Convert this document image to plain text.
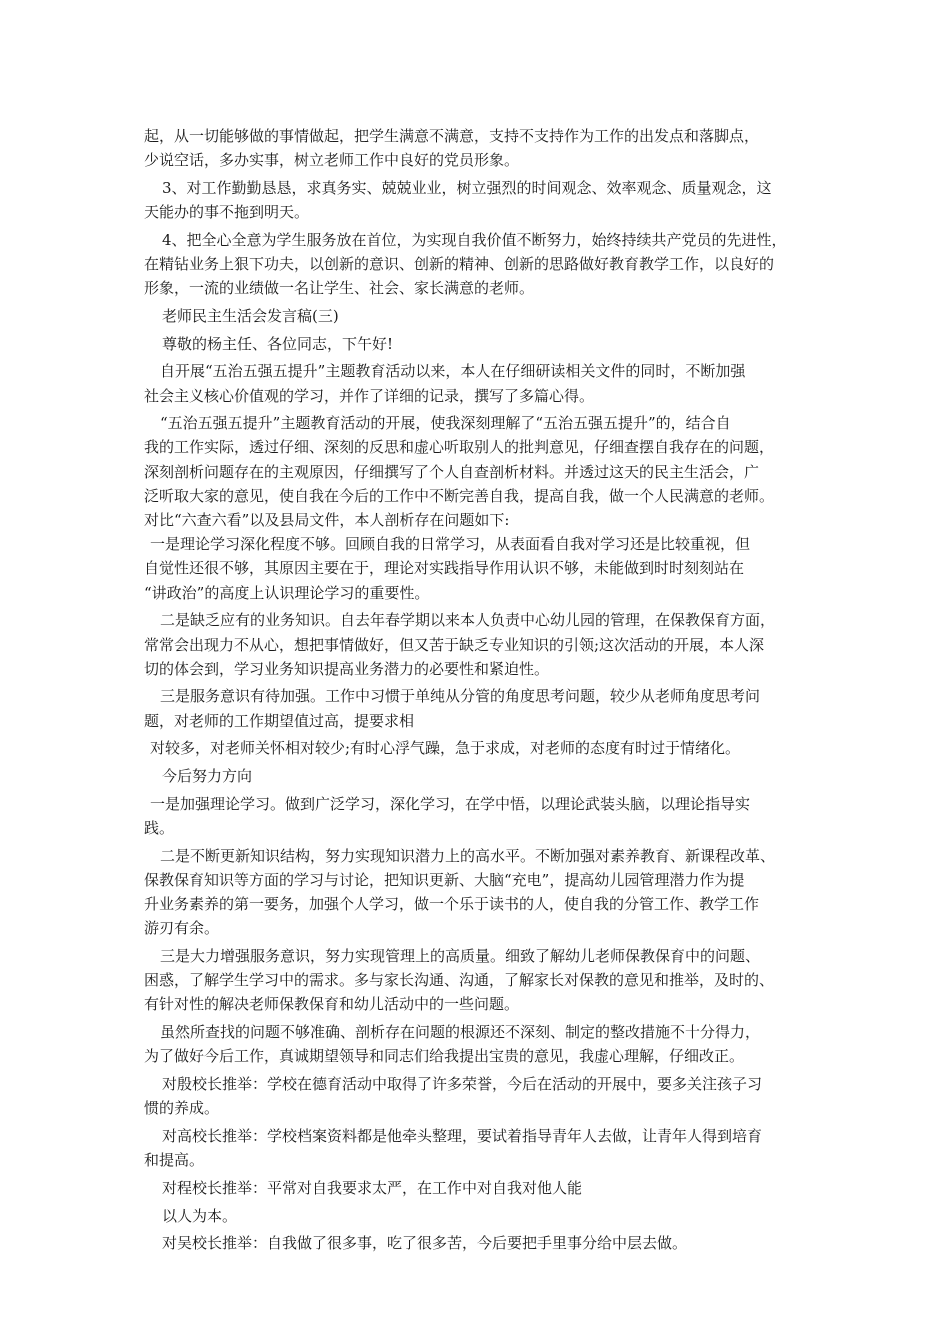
起，从一切能够做的事情做起，把学生满意不满意，支持不支持作为工作的出发点和落脚点，
少说空话，多办实事，树立老师工作中良好的党员形象。
3、对工作勤勤恳恳，求真务实、兢兢业业，树立强烈的时间观念、效率观念、质量观念，这
天能办的事不拖到明天。
4、把全心全意为学生服务放在首位，为实现自我价值不断努力，始终持续共产党员的先进性，
在精钻业务上狠下功夫，以创新的意识、创新的精神、创新的思路做好教育教学工作，以良好的
形象，一流的业绩做一名让学生、社会、家长满意的老师。
老师民主生活会发言稿(三)
尊敬的杨主任、各位同志，下午好!
自开展“五治五强五提升”主题教育活动以来，本人在仔细研读相关文件的同时，不断加强
社会主义核心价值观的学习，并作了详细的记录，撰写了多篇心得。
“五治五强五提升”主题教育活动的开展，使我深刻理解了“五治五强五提升”的，结合自
我的工作实际，透过仔细、深刻的反思和虚心听取别人的批判意见，仔细查摆自我存在的问题，
深刻剖析问题存在的主观原因，仔细撰写了个人自查剖析材料。并透过这天的民主生活会，广
泛听取大家的意见，使自我在今后的工作中不断完善自我，提高自我，做一个人民满意的老师。
对比“六查六看”以及县局文件，本人剖析存在问题如下:
一是理论学习深化程度不够。回顾自我的日常学习，从表面看自我对学习还是比较重视，但
自觉性还很不够，其原因主要在于，理论对实践指导作用认识不够，未能做到时时刻刻站在
“讲政治”的高度上认识理论学习的重要性。
二是缺乏应有的业务知识。自去年春学期以来本人负责中心幼儿园的管理，在保教保育方面，
常常会出现力不从心，想把事情做好，但又苦于缺乏专业知识的引领;这次活动的开展，本人深
切的体会到，学习业务知识提高业务潜力的必要性和紧迫性。
三是服务意识有待加强。工作中习惯于单纯从分管的角度思考问题，较少从老师角度思考问
题，对老师的工作期望值过高，提要求相
对较多，对老师关怀相对较少;有时心浮气躁，急于求成，对老师的态度有时过于情绪化。
今后努力方向
一是加强理论学习。做到广泛学习，深化学习，在学中悟，以理论武装头脑，以理论指导实
践。
二是不断更新知识结构，努力实现知识潜力上的高水平。不断加强对素养教育、新课程改革、
保教保育知识等方面的学习与讨论，把知识更新、大脑“充电”，提高幼儿园管理潜力作为提
升业务素养的第一要务，加强个人学习，做一个乐于读书的人，使自我的分管工作、教学工作
游刃有余。
三是大力增强服务意识，努力实现管理上的高质量。细致了解幼儿老师保教保育中的问题、
困惑，了解学生学习中的需求。多与家长沟通、沟通，了解家长对保教的意见和推举，及时的、
有针对性的解决老师保教保育和幼儿活动中的一些问题。
虽然所查找的问题不够准确、剖析存在问题的根源还不深刻、制定的整改措施不十分得力，
为了做好今后工作，真诚期望领导和同志们给我提出宝贵的意见，我虚心理解，仔细改正。
对殷校长推举：学校在德育活动中取得了许多荣誉，今后在活动的开展中，要多关注孩子习
惯的养成。
对高校长推举：学校档案资料都是他牵头整理，要试着指导青年人去做，让青年人得到培育
和提高。
对程校长推举：平常对自我要求太严，在工作中对自我对他人能
以人为本。
对吴校长推举：自我做了很多事，吃了很多苦，今后要把手里事分给中层去做。
